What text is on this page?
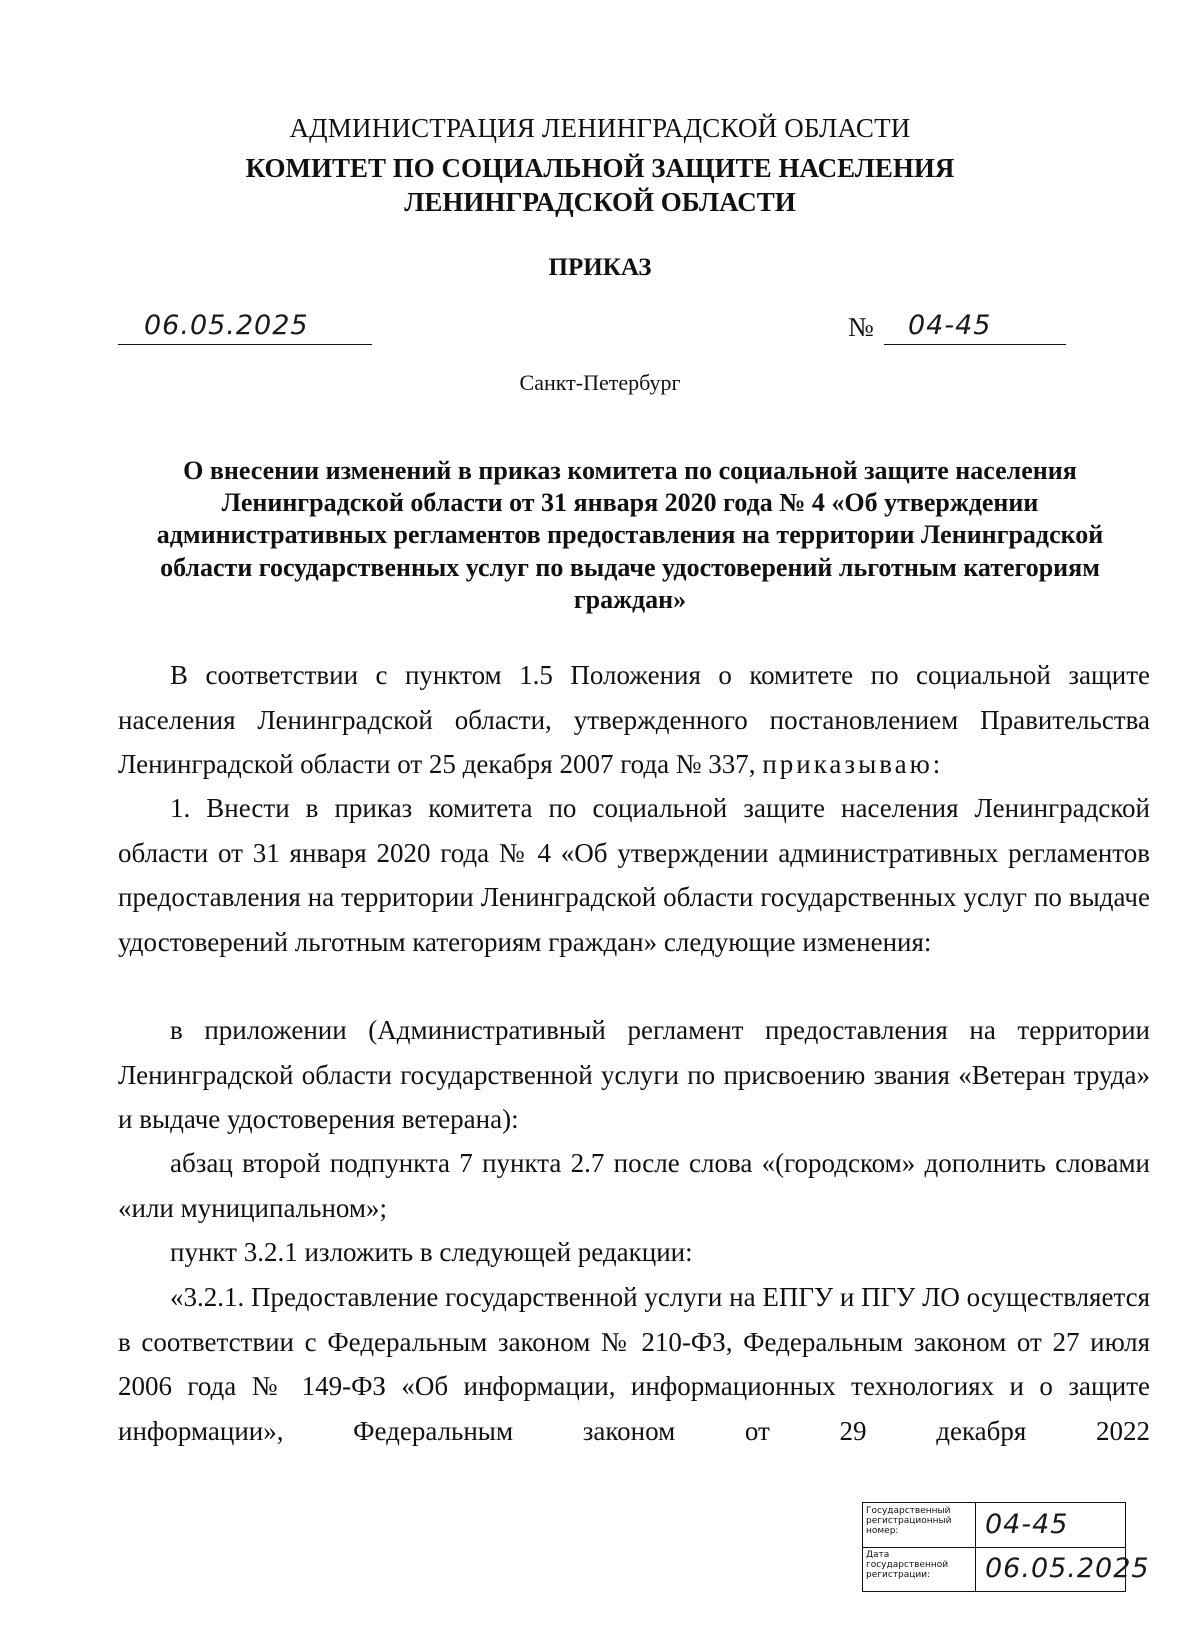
АДМИНИСТРАЦИЯ ЛЕНИНГРАДСКОЙ ОБЛАСТИ
КОМИТЕТ ПО СОЦИАЛЬНОЙ ЗАЩИТЕ НАСЕЛЕНИЯ
ЛЕНИНГРАДСКОЙ ОБЛАСТИ
ПРИКАЗ
06.05.2025	№ 04-45
Санкт-Петербург
О внесении изменений в приказ комитета по социальной защите населения Ленинградской области от 31 января 2020 года № 4 «Об утверждении административных регламентов предоставления на территории Ленинградской области государственных услуг по выдаче удостоверений льготным категориям граждан»

В соответствии с пунктом 1.5 Положения о комитете по социальной защите населения Ленинградской области, утвержденного постановлением Правительства Ленинградской области от 25 декабря 2007 года № 337, приказываю:

1. Внести в приказ комитета по социальной защите населения Ленинградской области от 31 января 2020 года № 4 «Об утверждении административных регламентов предоставления на территории Ленинградской области государственных услуг по выдаче удостоверений льготным категориям граждан» следующие изменения:

в приложении (Административный регламент предоставления на территории Ленинградской области государственной услуги по присвоению звания «Ветеран труда» и выдаче удостоверения ветерана):

абзац второй подпункта 7 пункта 2.7 после слова «(городском» дополнить словами «или муниципальном»;

пункт 3.2.1 изложить в следующей редакции:

«3.2.1. Предоставление государственной услуги на ЕПГУ и ПГУ ЛО осуществляется в соответствии с Федеральным законом № 210-ФЗ, Федеральным законом от 27 июля 2006 года № 149-ФЗ «Об информации, информационных технологиях и о защите информации», Федеральным законом от 29 декабря 2022

Государственный регистрационный номер:	04-45
Дата государственной регистрации:	06.05.2025
